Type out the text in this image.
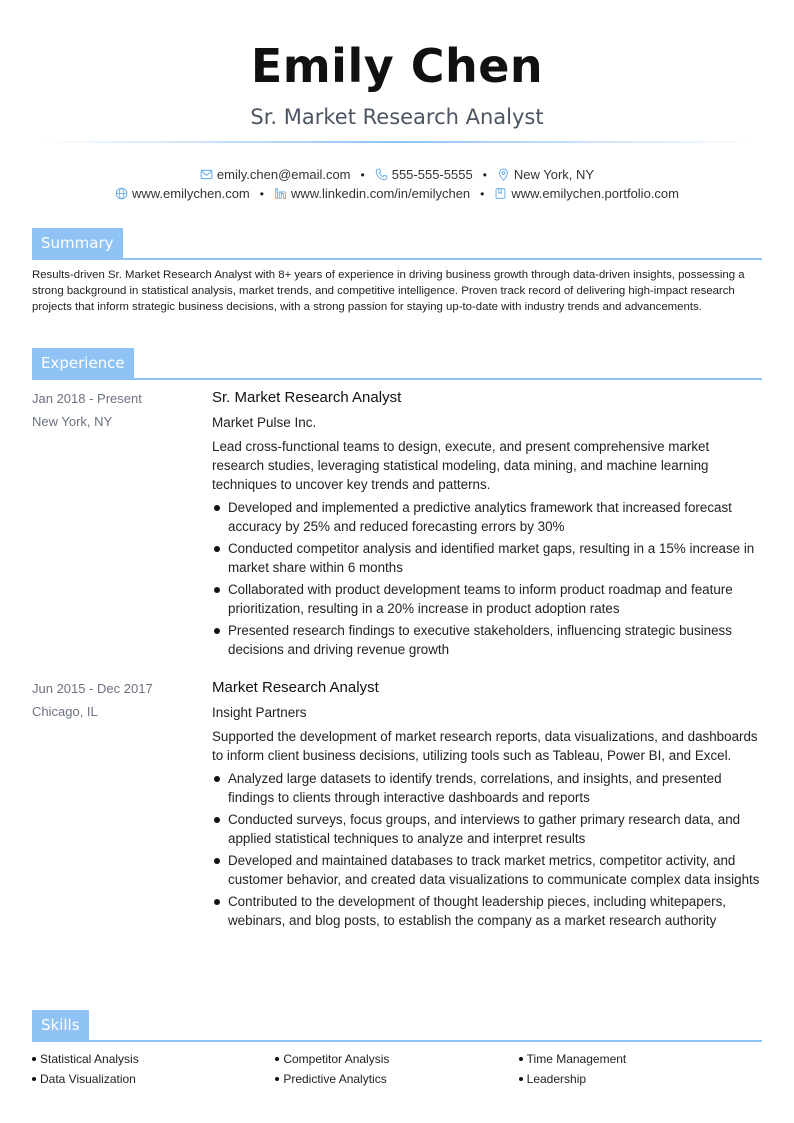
Emily Chen
Sr. Market Research Analyst
emily.chen@email.com • 555-555-5555 • New York, NY
www.emilychen.com • www.linkedin.com/in/emilychen • www.emilychen.portfolio.com
Summary
Results-driven Sr. Market Research Analyst with 8+ years of experience in driving business growth through data-driven insights, possessing a strong background in statistical analysis, market trends, and competitive intelligence. Proven track record of delivering high-impact research projects that inform strategic business decisions, with a strong passion for staying up-to-date with industry trends and advancements.
Experience
Jan 2018 - Present
New York, NY
Sr. Market Research Analyst
Market Pulse Inc.
Lead cross-functional teams to design, execute, and present comprehensive market research studies, leveraging statistical modeling, data mining, and machine learning techniques to uncover key trends and patterns.
Developed and implemented a predictive analytics framework that increased forecast accuracy by 25% and reduced forecasting errors by 30%
Conducted competitor analysis and identified market gaps, resulting in a 15% increase in market share within 6 months
Collaborated with product development teams to inform product roadmap and feature prioritization, resulting in a 20% increase in product adoption rates
Presented research findings to executive stakeholders, influencing strategic business decisions and driving revenue growth
Jun 2015 - Dec 2017
Chicago, IL
Market Research Analyst
Insight Partners
Supported the development of market research reports, data visualizations, and dashboards to inform client business decisions, utilizing tools such as Tableau, Power BI, and Excel.
Analyzed large datasets to identify trends, correlations, and insights, and presented findings to clients through interactive dashboards and reports
Conducted surveys, focus groups, and interviews to gather primary research data, and applied statistical techniques to analyze and interpret results
Developed and maintained databases to track market metrics, competitor activity, and customer behavior, and created data visualizations to communicate complex data insights
Contributed to the development of thought leadership pieces, including whitepapers, webinars, and blog posts, to establish the company as a market research authority
Skills
Statistical Analysis	Competitor Analysis	Time Management
Data Visualization	Predictive Analytics	Leadership
